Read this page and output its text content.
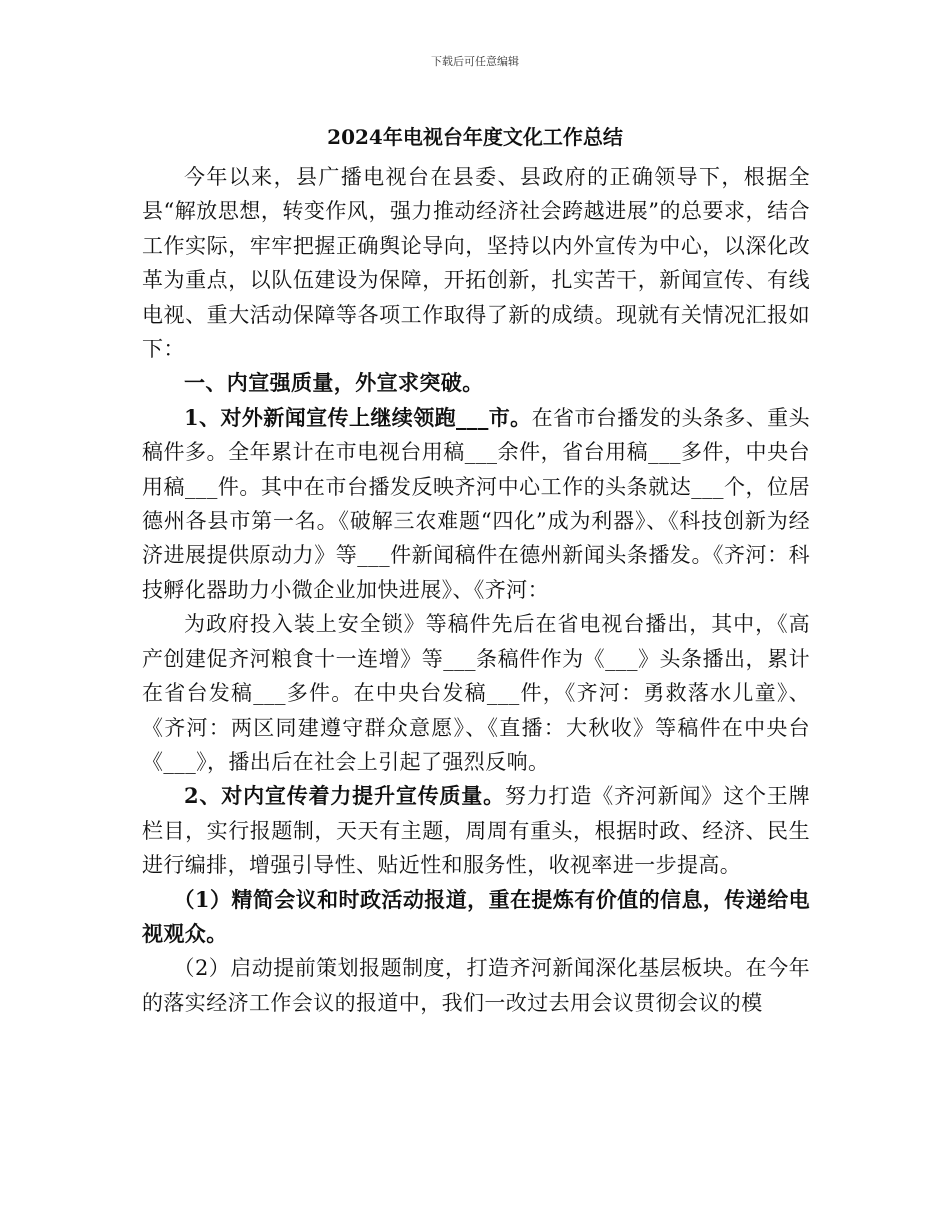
下载后可任意编辑
2024年电视台年度文化工作总结

今年以来，县广播电视台在县委、县政府的正确领导下，根据全县“解放思想，转变作风，强力推动经济社会跨越进展”的总要求，结合工作实际，牢牢把握正确舆论导向，坚持以内外宣传为中心，以深化改革为重点，以队伍建设为保障，开拓创新，扎实苦干，新闻宣传、有线电视、重大活动保障等各项工作取得了新的成绩。现就有关情况汇报如下：

一、内宣强质量，外宣求突破。

1、对外新闻宣传上继续领跑___市。在省市台播发的头条多、重头稿件多。全年累计在市电视台用稿___余件，省台用稿___多件，中央台用稿___件。其中在市台播发反映齐河中心工作的头条就达___个，位居德州各县市第一名。《破解三农难题“四化”成为利器》、《科技创新为经济进展提供原动力》等___件新闻稿件在德州新闻头条播发。《齐河：科技孵化器助力小微企业加快进展》、《齐河：

为政府投入装上安全锁》等稿件先后在省电视台播出，其中，《高产创建促齐河粮食十一连增》等___条稿件作为《___》头条播出，累计在省台发稿___多件。在中央台发稿___件，《齐河：勇救落水儿童》、《齐河：两区同建遵守群众意愿》、《直播：大秋收》等稿件在中央台《___》，播出后在社会上引起了强烈反响。

2、对内宣传着力提升宣传质量。努力打造《齐河新闻》这个王牌栏目，实行报题制，天天有主题，周周有重头，根据时政、经济、民生进行编排，增强引导性、贴近性和服务性，收视率进一步提高。

（1）精简会议和时政活动报道，重在提炼有价值的信息，传递给电视观众。

（2）启动提前策划报题制度，打造齐河新闻深化基层板块。在今年的落实经济工作会议的报道中，我们一改过去用会议贯彻会议的模
